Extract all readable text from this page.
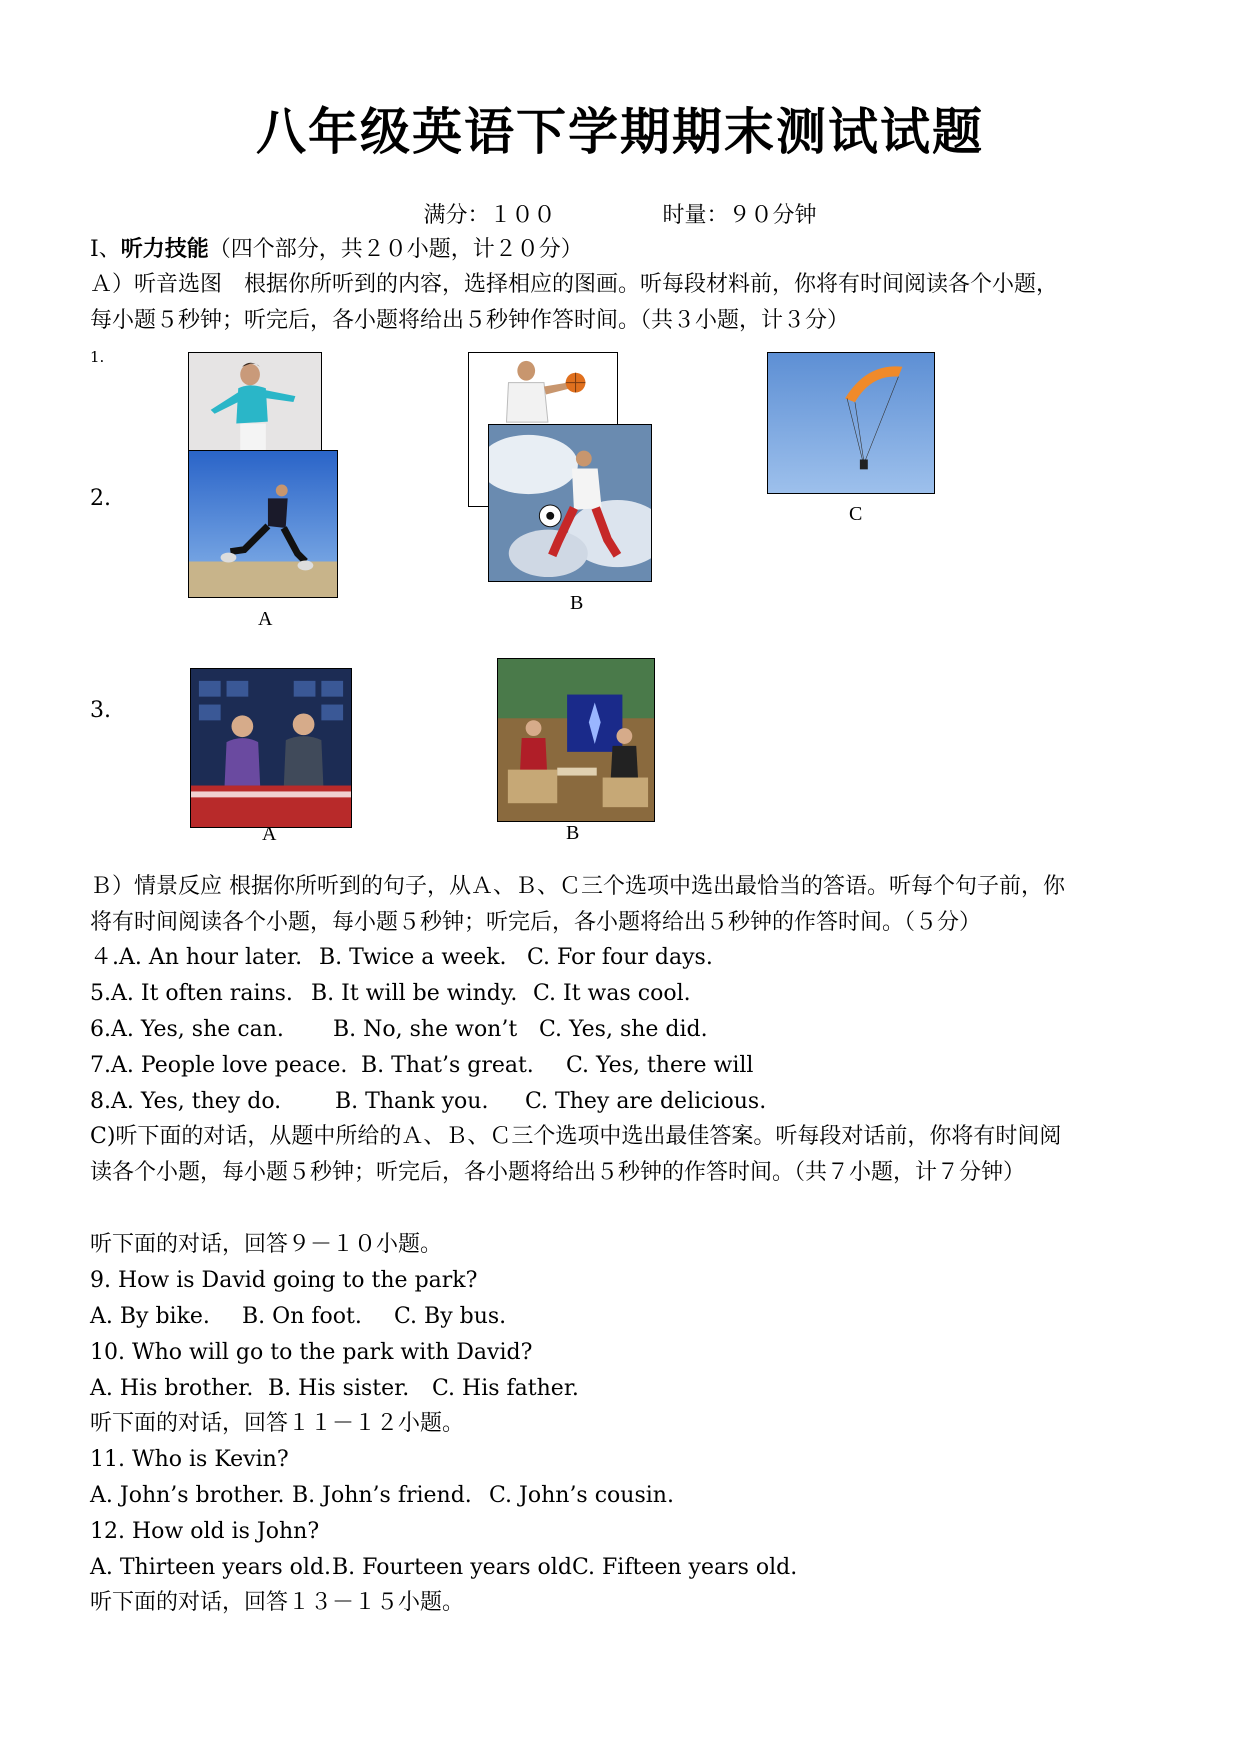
八年级英语下学期期末测试试题
满分：１００	时量：９０分钟
I、听力技能（四个部分，共２０小题，计２０分）
Ａ）听音选图　根据你所听到的内容，选择相应的图画。听每段材料前，你将有时间阅读各个小题，
每小题５秒钟；听完后，各小题将给出５秒钟作答时间。（共３小题，计３分）
1.
C
2.
A
B
3.
A	B
Ｂ）情景反应 根据你所听到的句子，从Ａ、Ｂ、Ｃ三个选项中选出最恰当的答语。听每个句子前，你
将有时间阅读各个小题，每小题５秒钟；听完后，各小题将给出５秒钟的作答时间。（５分）
４.A. An hour later. B. Twice a week. C. For four days.
5.A. It often rains. B. It will be windy. C. It was cool.
6.A. Yes, she can. B. No, she won’t C. Yes, she did.
7.A. People love peace. B. That’s great. C. Yes, there will
8.A. Yes, they do. B. Thank you. C. They are delicious.
C)听下面的对话，从题中所给的Ａ、Ｂ、Ｃ三个选项中选出最佳答案。听每段对话前，你将有时间阅
读各个小题，每小题５秒钟；听完后，各小题将给出５秒钟的作答时间。（共７小题，计７分钟）
听下面的对话，回答９－１０小题。
9. How is David going to the park?
A. By bike. B. On foot. C. By bus.
10. Who will go to the park with David?
A. His brother. B. His sister. C. His father.
听下面的对话，回答１１－１２小题。
11. Who is Kevin?
A. John’s brother. B. John’s friend. C. John’s cousin.
12. How old is John?
A. Thirteen years old.B. Fourteen years oldC. Fifteen years old.
听下面的对话，回答１３－１５小题。
